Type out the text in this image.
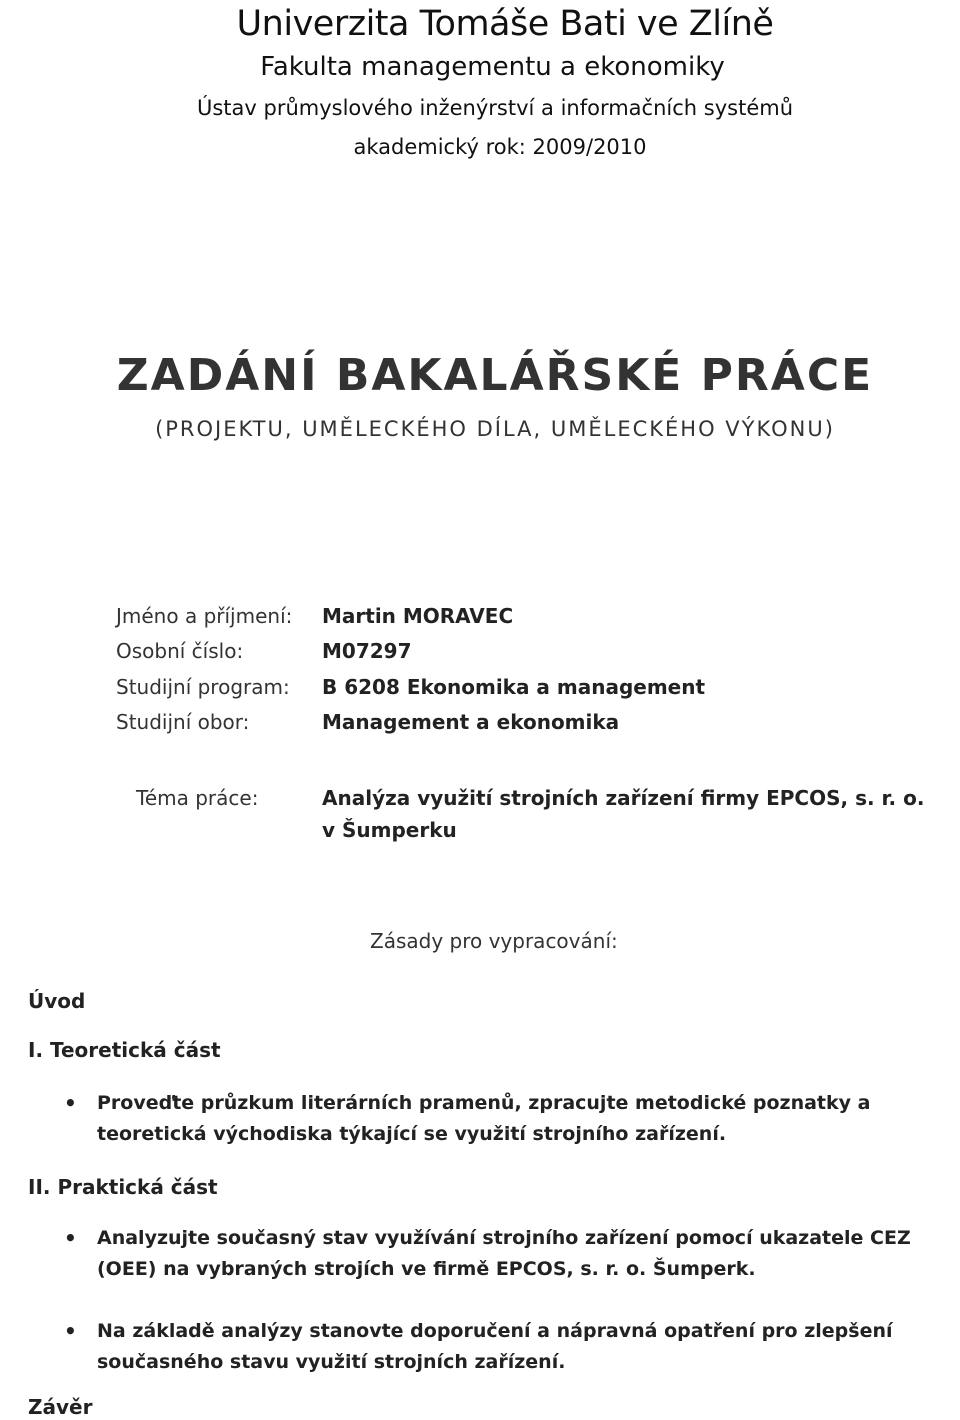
Univerzita Tomáše Bati ve Zlíně
Fakulta managementu a ekonomiky
Ústav průmyslového inženýrství a informačních systémů
akademický rok: 2009/2010
ZADÁNÍ BAKALÁŘSKÉ PRÁCE
(PROJEKTU, UMĚLECKÉHO DÍLA, UMĚLECKÉHO VÝKONU)
Jméno a příjmení: Martin MORAVEC
Osobní číslo:	M07297
Studijní program: B 6208 Ekonomika a management
Studijní obor:	Management a ekonomika
Téma práce:	Analýza využití strojních zařízení firmy EPCOS, s. r. o.
v Šumperku
Zásady pro vypracování:
Úvod
I. Teoretická část
• Proveďte průzkum literárních pramenů, zpracujte metodické poznatky a teoretická východiska týkající se využití strojního zařízení.
II. Praktická část
• Analyzujte současný stav využívání strojního zařízení pomocí ukazatele CEZ (OEE) na vybraných strojích ve firmě EPCOS, s. r. o. Šumperk.
• Na základě analýzy stanovte doporučení a nápravná opatření pro zlepšení současného stavu využití strojních zařízení.
Závěr
